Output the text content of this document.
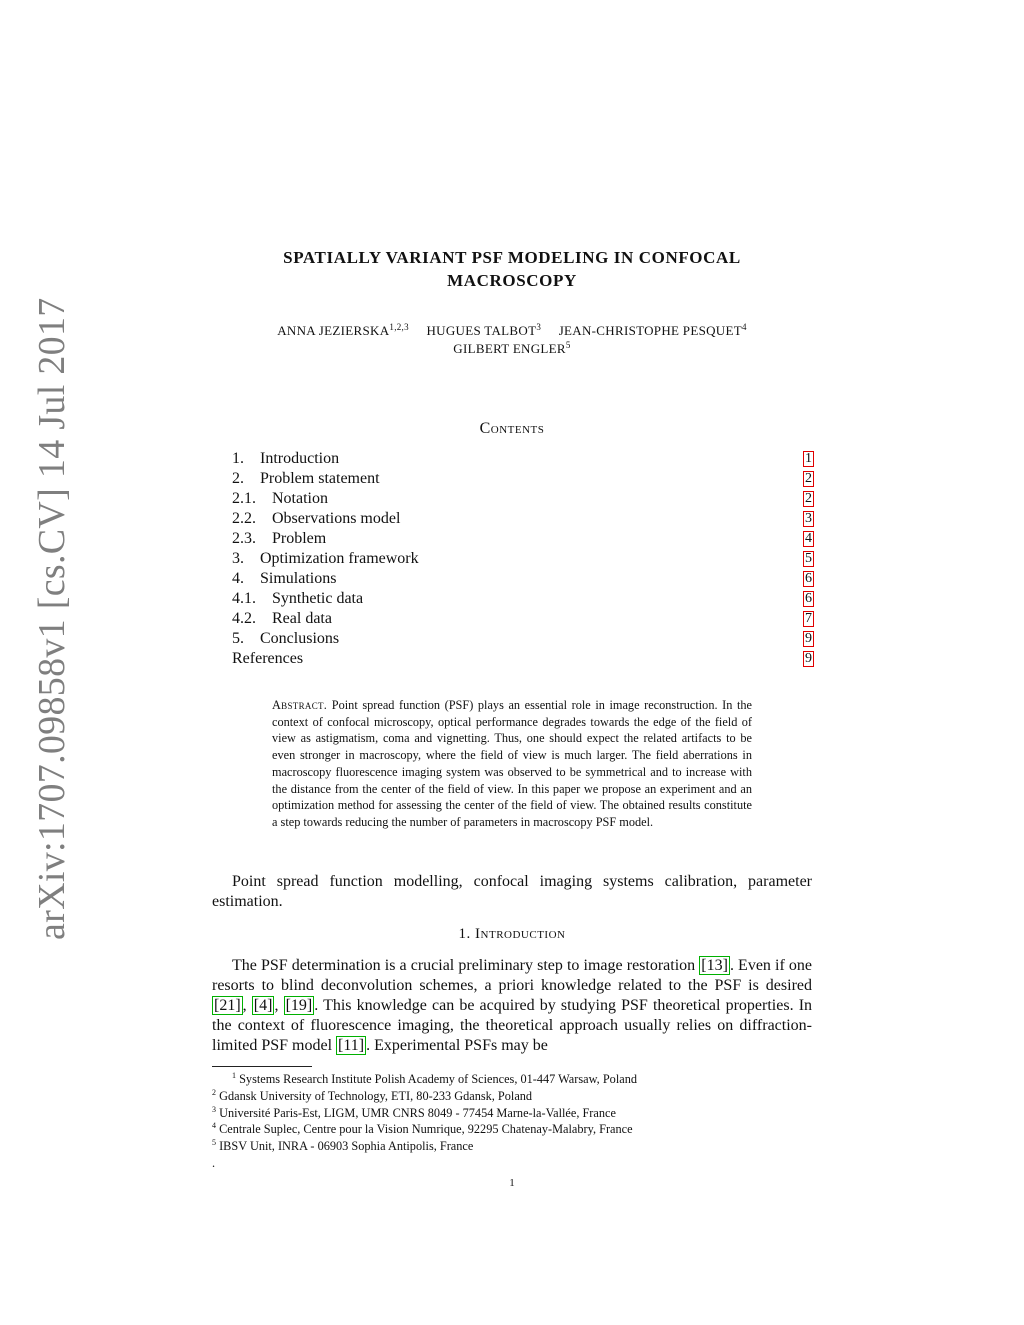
arXiv:1707.09858v1 [cs.CV] 14 Jul 2017
SPATIALLY VARIANT PSF MODELING IN CONFOCAL
MACROSCOPY
ANNA JEZIERSKA$^{1,2,3}$ HUGUES TALBOT$^3$ JEAN-CHRISTOPHE PESQUET$^4$
GILBERT ENGLER$^5$
Contents
1.  Introduction	1
2.  Problem statement	2
2.1.  Notation	2
2.2.  Observations model	3
2.3.  Problem	4
3.  Optimization framework	5
4.  Simulations	6
4.1.  Synthetic data	6
4.2.  Real data	7
5.  Conclusions	9
References	9
Abstract. Point spread function (PSF) plays an essential role in image reconstruction. In the context of confocal microscopy, optical performance degrades towards the edge of the field of view as astigmatism, coma and vignetting. Thus, one should expect the related artifacts to be even stronger in macroscopy, where the field of view is much larger. The field aberrations in macroscopy fluorescence imaging system was observed to be symmetrical and to increase with the distance from the center of the field of view. In this paper we propose an experiment and an optimization method for assessing the center of the field of view. The obtained results constitute a step towards reducing the number of parameters in macroscopy PSF model.
Point spread function modelling, confocal imaging systems calibration, parameter estimation.
1. Introduction
The PSF determination is a crucial preliminary step to image restoration [13] . Even if one resorts to blind deconvolution schemes, a priori knowledge related to the PSF is desired [21] , [4] , [19] . This knowledge can be acquired by studying PSF theoretical properties. In the context of fluorescence imaging, the theoretical approach usually relies on diffraction-limited PSF model [11] . Experimental PSFs may be
$^1$ Systems Research Institute Polish Academy of Sciences, 01-447 Warsaw, Poland
$^2$ Gdansk University of Technology, ETI, 80-233 Gdansk, Poland
$^3$ Université Paris-Est, LIGM, UMR CNRS 8049 - 77454 Marne-la-Vallée, France
$^4$ Centrale Suplec, Centre pour la Vision Numrique, 92295 Chatenay-Malabry, France
$^5$ IBSV Unit, INRA - 06903 Sophia Antipolis, France
.
1
